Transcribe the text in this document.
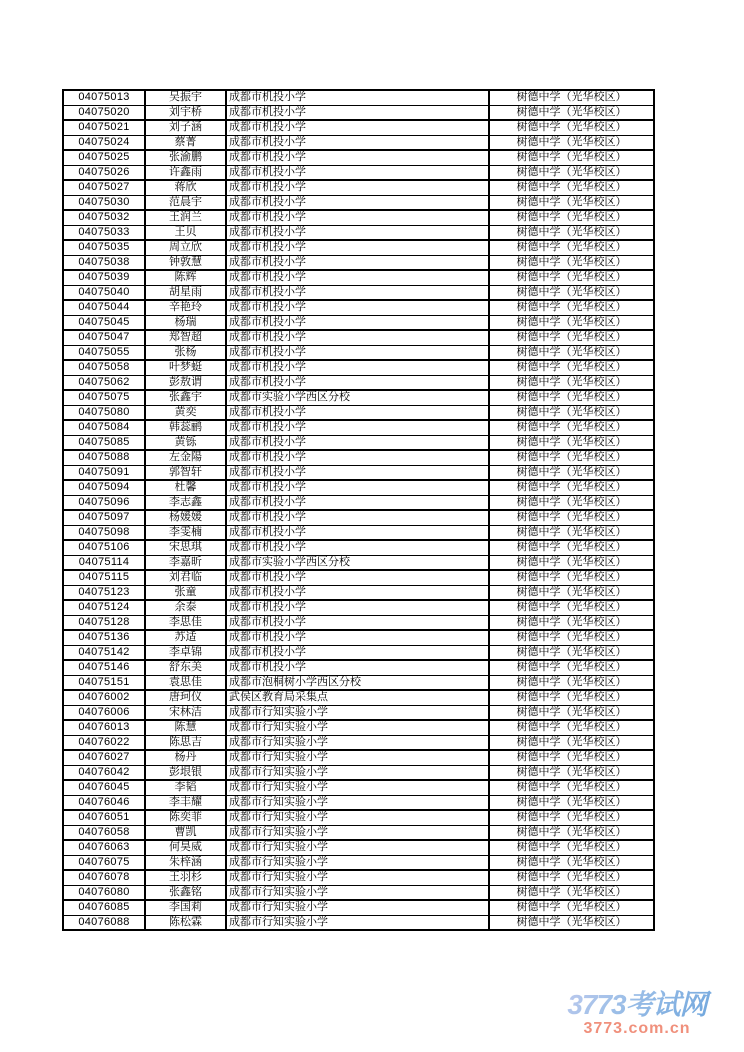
04075013	吴振宇	成都市机投小学	树德中学（光华校区）
04075020	刘宇桥	成都市机投小学	树德中学（光华校区）
04075021	刘子涵	成都市机投小学	树德中学（光华校区）
04075024	蔡菁	成都市机投小学	树德中学（光华校区）
04075025	张渝鹏	成都市机投小学	树德中学（光华校区）
04075026	许鑫雨	成都市机投小学	树德中学（光华校区）
04075027	蒋欣	成都市机投小学	树德中学（光华校区）
04075030	范晨宇	成都市机投小学	树德中学（光华校区）
04075032	王润兰	成都市机投小学	树德中学（光华校区）
04075033	王贝	成都市机投小学	树德中学（光华校区）
04075035	周立欣	成都市机投小学	树德中学（光华校区）
04075038	钟敦慧	成都市机投小学	树德中学（光华校区）
04075039	陈辉	成都市机投小学	树德中学（光华校区）
04075040	胡星雨	成都市机投小学	树德中学（光华校区）
04075044	辛艳玲	成都市机投小学	树德中学（光华校区）
04075045	杨瑞	成都市机投小学	树德中学（光华校区）
04075047	郑智超	成都市机投小学	树德中学（光华校区）
04075055	张杨	成都市机投小学	树德中学（光华校区）
04075058	叶梦蜓	成都市机投小学	树德中学（光华校区）
04075062	彭敖谓	成都市机投小学	树德中学（光华校区）
04075075	张鑫宇	成都市实验小学西区分校	树德中学（光华校区）
04075080	黄奕	成都市机投小学	树德中学（光华校区）
04075084	韩蕊鹂	成都市机投小学	树德中学（光华校区）
04075085	黄铄	成都市机投小学	树德中学（光华校区）
04075088	左金陽	成都市机投小学	树德中学（光华校区）
04075091	郭智轩	成都市机投小学	树德中学（光华校区）
04075094	杜馨	成都市机投小学	树德中学（光华校区）
04075096	李志鑫	成都市机投小学	树德中学（光华校区）
04075097	杨媛媛	成都市机投小学	树德中学（光华校区）
04075098	李雯楠	成都市机投小学	树德中学（光华校区）
04075106	宋思琪	成都市机投小学	树德中学（光华校区）
04075114	李嘉昕	成都市实验小学西区分校	树德中学（光华校区）
04075115	刘君临	成都市机投小学	树德中学（光华校区）
04075123	张童	成都市机投小学	树德中学（光华校区）
04075124	余泰	成都市机投小学	树德中学（光华校区）
04075128	李思佳	成都市机投小学	树德中学（光华校区）
04075136	苏适	成都市机投小学	树德中学（光华校区）
04075142	李卓锦	成都市机投小学	树德中学（光华校区）
04075146	舒东美	成都市机投小学	树德中学（光华校区）
04075151	袁思佳	成都市泡桐树小学西区分校	树德中学（光华校区）
04076002	唐珂仪	武侯区教育局采集点	树德中学（光华校区）
04076006	宋林洁	成都市行知实验小学	树德中学（光华校区）
04076013	陈慧	成都市行知实验小学	树德中学（光华校区）
04076022	陈思吉	成都市行知实验小学	树德中学（光华校区）
04076027	杨丹	成都市行知实验小学	树德中学（光华校区）
04076042	彭垠银	成都市行知实验小学	树德中学（光华校区）
04076045	李韬	成都市行知实验小学	树德中学（光华校区）
04076046	李丰耀	成都市行知实验小学	树德中学（光华校区）
04076051	陈奕菲	成都市行知实验小学	树德中学（光华校区）
04076058	曹凯	成都市行知实验小学	树德中学（光华校区）
04076063	何昊威	成都市行知实验小学	树德中学（光华校区）
04076075	朱梓涵	成都市行知实验小学	树德中学（光华校区）
04076078	王羽杉	成都市行知实验小学	树德中学（光华校区）
04076080	张鑫铭	成都市行知实验小学	树德中学（光华校区）
04076085	李国莉	成都市行知实验小学	树德中学（光华校区）
04076088	陈松霖	成都市行知实验小学	树德中学（光华校区）
3773考试网
3773.com.cn
